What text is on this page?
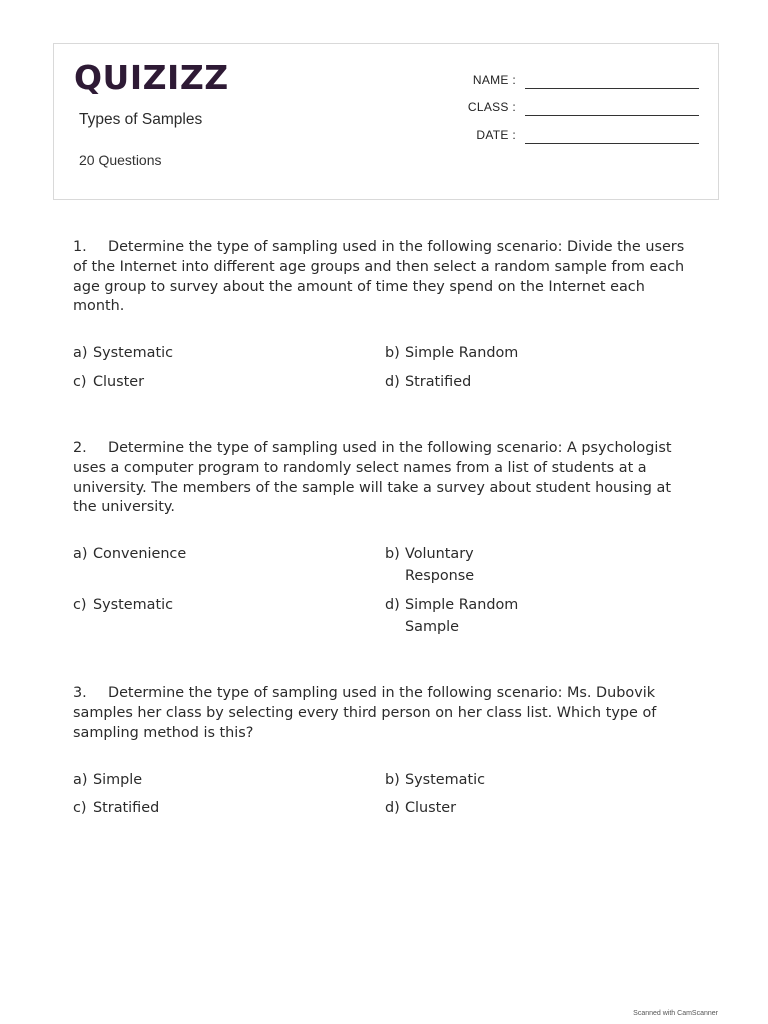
QUIZIZZ
Types of Samples
20 Questions
NAME :
CLASS :
DATE :
1. Determine the type of sampling used in the following scenario: Divide the users of the Internet into different age groups and then select a random sample from each age group to survey about the amount of time they spend on the Internet each month.
a) Systematic	b) Simple Random
c) Cluster	d) Stratified
2. Determine the type of sampling used in the following scenario: A psychologist uses a computer program to randomly select names from a list of students at a university. The members of the sample will take a survey about student housing at the university.
a) Convenience	b) Voluntary Response
c) Systematic	d) Simple Random Sample
3. Determine the type of sampling used in the following scenario: Ms. Dubovik samples her class by selecting every third person on her class list. Which type of sampling method is this?
a) Simple	b) Systematic
c) Stratified	d) Cluster
Scanned with CamScanner
